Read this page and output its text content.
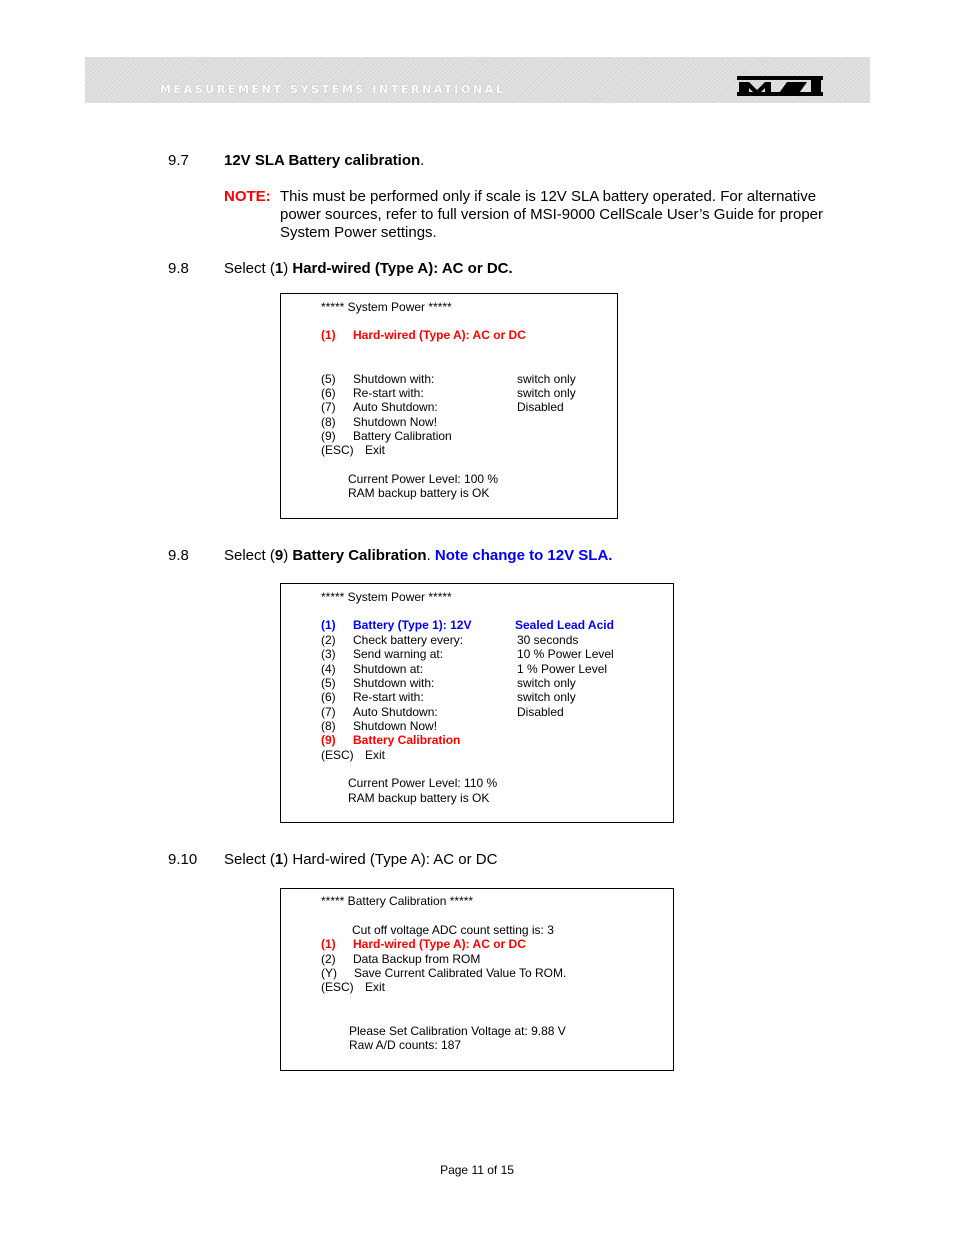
MEASUREMENT SYSTEMS INTERNATIONAL
9.7 12V SLA Battery calibration.
NOTE: This must be performed only if scale is 12V SLA battery operated. For alternative power sources, refer to full version of MSI-9000 CellScale User’s Guide for proper System Power settings.
9.8 Select (1) Hard-wired (Type A): AC or DC.
***** System Power *****
(1) Hard-wired (Type A): AC or DC
(5) Shutdown with:	switch only
(6) Re-start with:	switch only
(7) Auto Shutdown:	Disabled
(8) Shutdown Now!
(9) Battery Calibration
(ESC) Exit
Current Power Level: 100 %
RAM backup battery is OK
9.8 Select (9) Battery Calibration. Note change to 12V SLA.
***** System Power *****
(1) Battery (Type 1): 12V	Sealed Lead Acid
(2) Check battery every:	30 seconds
(3) Send warning at:	10 % Power Level
(4) Shutdown at:	1 % Power Level
(5) Shutdown with:	switch only
(6) Re-start with:	switch only
(7) Auto Shutdown:	Disabled
(8) Shutdown Now!
(9) Battery Calibration
(ESC) Exit
Current Power Level: 110 %
RAM backup battery is OK
9.10 Select (1) Hard-wired (Type A): AC or DC
***** Battery Calibration *****
Cut off voltage ADC count setting is: 3
(1) Hard-wired (Type A): AC or DC
(2) Data Backup from ROM
(Y) Save Current Calibrated Value To ROM.
(ESC) Exit
Please Set Calibration Voltage at: 9.88 V
Raw A/D counts: 187
Page 11 of 15
